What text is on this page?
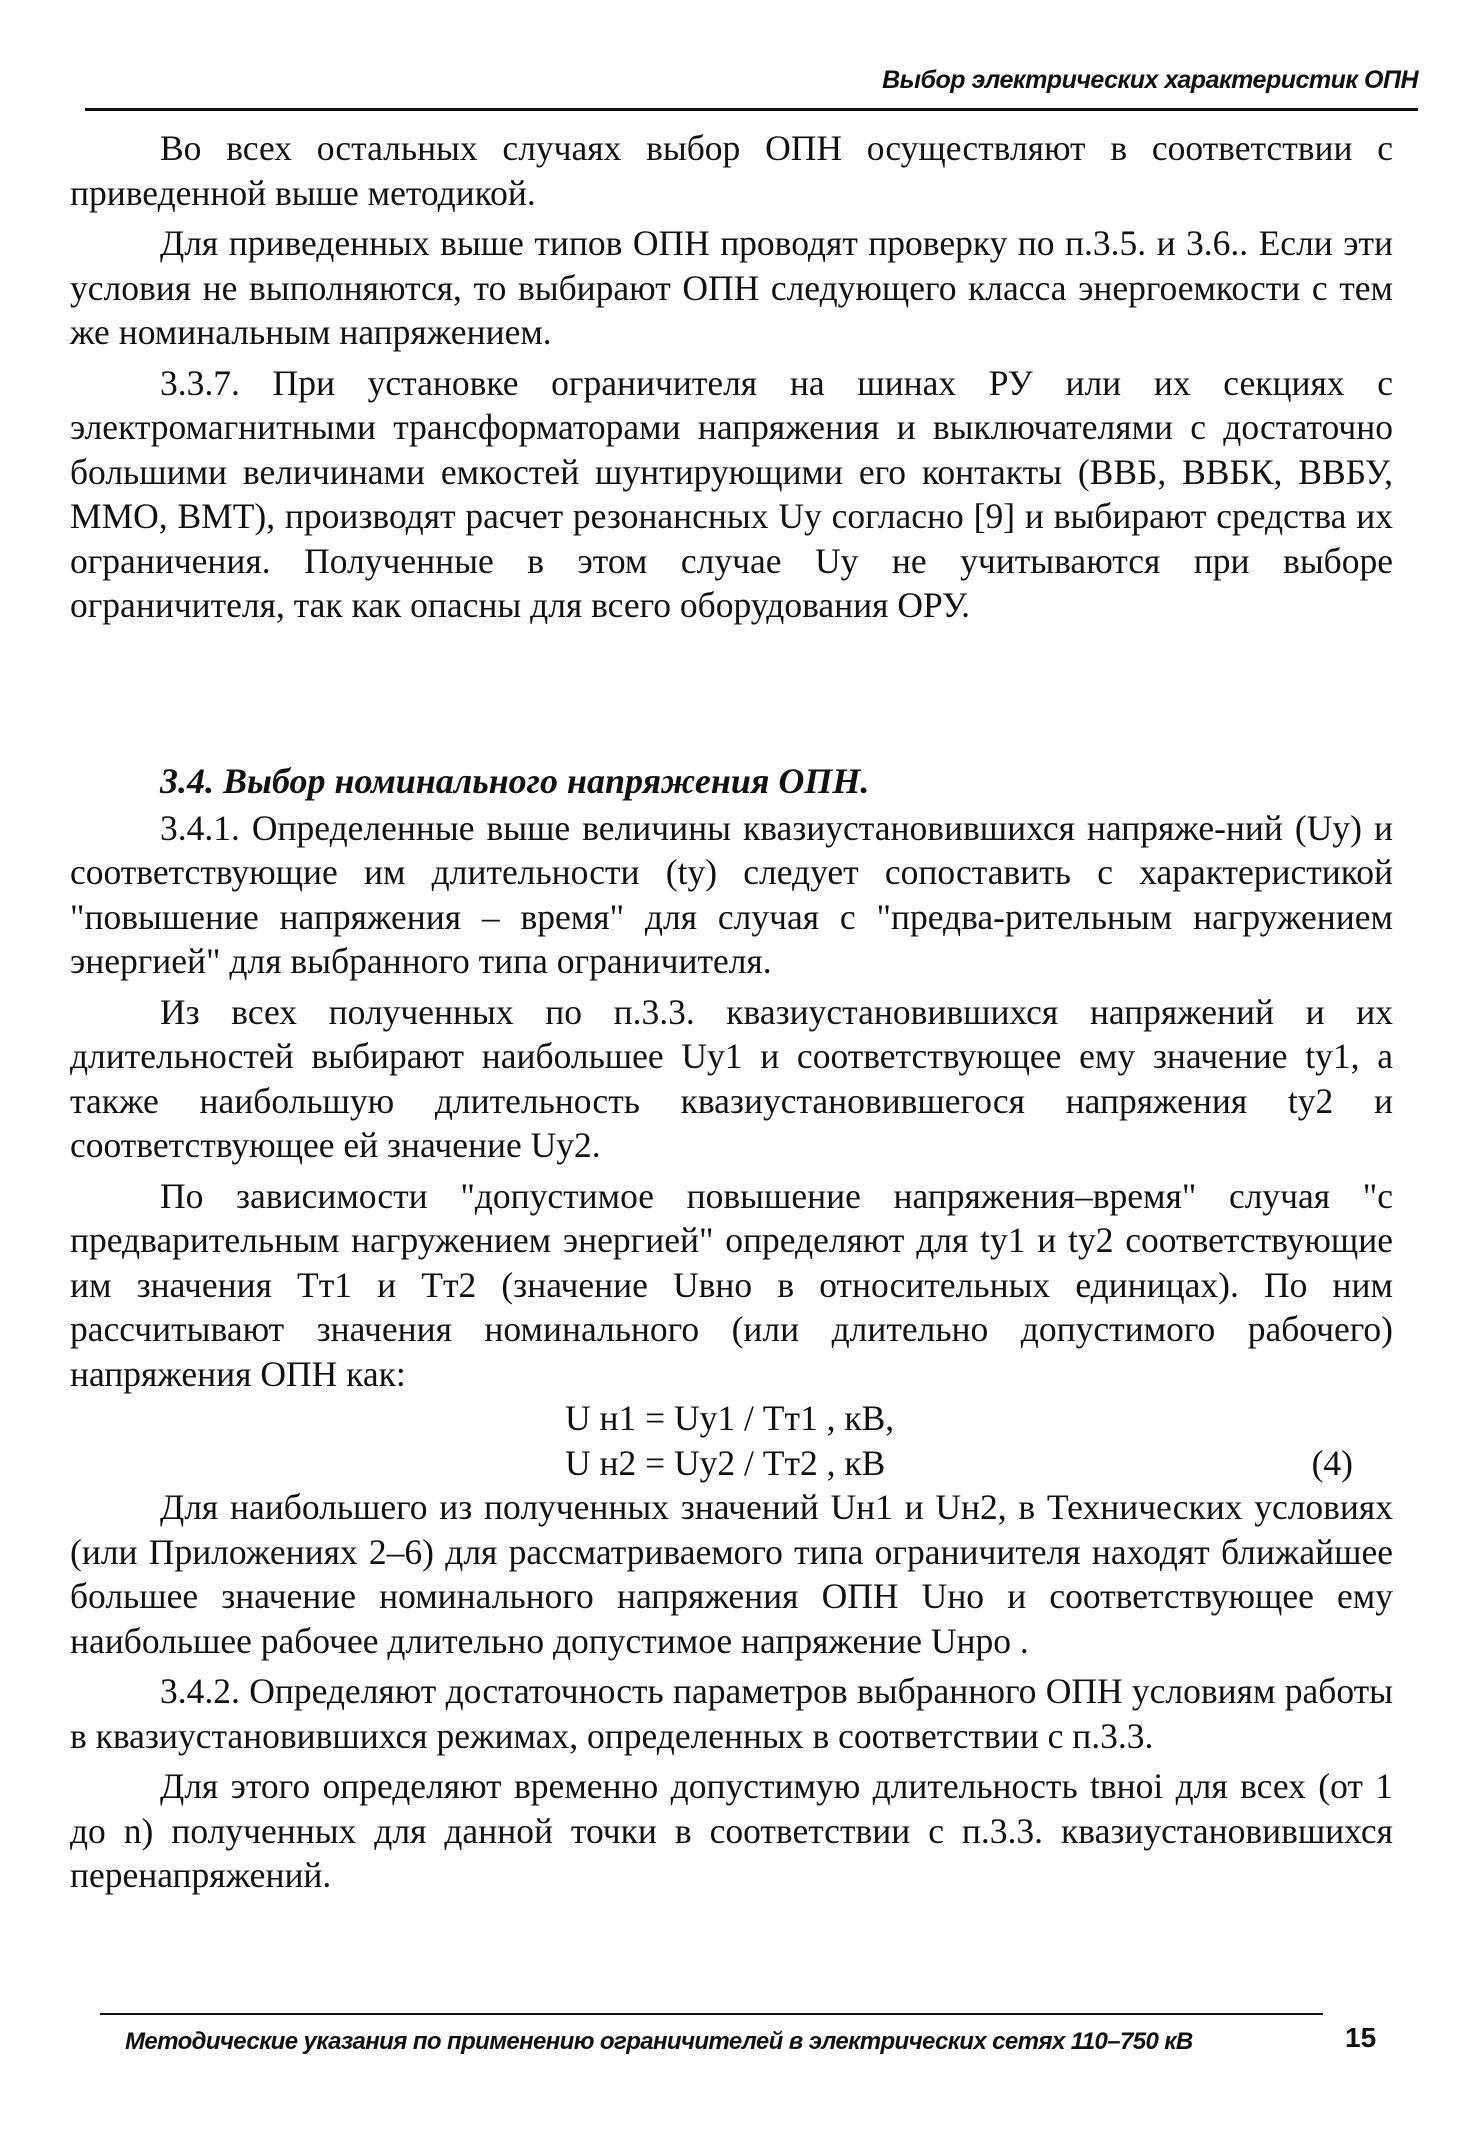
Выбор электрических характеристик ОПН

Во всех остальных случаях выбор ОПН осуществляют в соответствии с приведенной выше методикой.

Для приведенных выше типов ОПН проводят проверку по п.3.5. и 3.6.. Если эти условия не выполняются, то выбирают ОПН следующего класса энергоемкости с тем же номинальным напряжением.

3.3.7. При установке ограничителя на шинах РУ или их секциях с электромагнитными трансформаторами напряжения и выключателями с достаточно большими величинами емкостей шунтирующими его контакты (ВВБ, ВВБК, ВВБУ, ММО, ВМТ), производят расчет резонансных Uу согласно [9] и выбирают средства их ограничения. Полученные в этом случае Uу не учитываются при выборе ограничителя, так как опасны для всего оборудования ОРУ.

3.4. Выбор номинального напряжения ОПН.

3.4.1. Определенные выше величины квазиустановившихся напряже-ний (Uу) и соответствующие им длительности (tу) следует сопоставить с характеристикой "повышение напряжения – время" для случая с "предва-рительным нагружением энергией" для выбранного типа ограничителя.

Из всех полученных по п.3.3. квазиустановившихся напряжений и их длительностей выбирают наибольшее Uу1 и соответствующее ему значение tу1, а также наибольшую длительность квазиустановившегося напряжения tу2 и соответствующее ей значение Uу2.

По зависимости "допустимое повышение напряжения–время" случая "с предварительным нагружением энергией" определяют для tу1 и tу2 соответствующие им значения Тт1 и Тт2 (значение Uвно в относительных единицах). По ним рассчитывают значения номинального (или длительно допустимого рабочего) напряжения ОПН как:

U н1 = Uу1 / Тт1 , кВ,
U н2 = Uу2 / Тт2 , кВ	(4)

Для наибольшего из полученных значений Uн1 и Uн2, в Технических условиях (или Приложениях 2–6) для рассматриваемого типа ограничителя находят ближайшее большее значение номинального напряжения ОПН Uно и соответствующее ему наибольшее рабочее длительно допустимое напряжение Uнро .

3.4.2. Определяют достаточность параметров выбранного ОПН условиям работы в квазиустановившихся режимах, определенных в соответствии с п.3.3.

Для этого определяют временно допустимую длительность tвноi для всех (от 1 до n) полученных для данной точки в соответствии с п.3.3. квазиустановившихся перенапряжений.

Методические указания по применению ограничителей в электрических сетях 110–750 кВ	15
